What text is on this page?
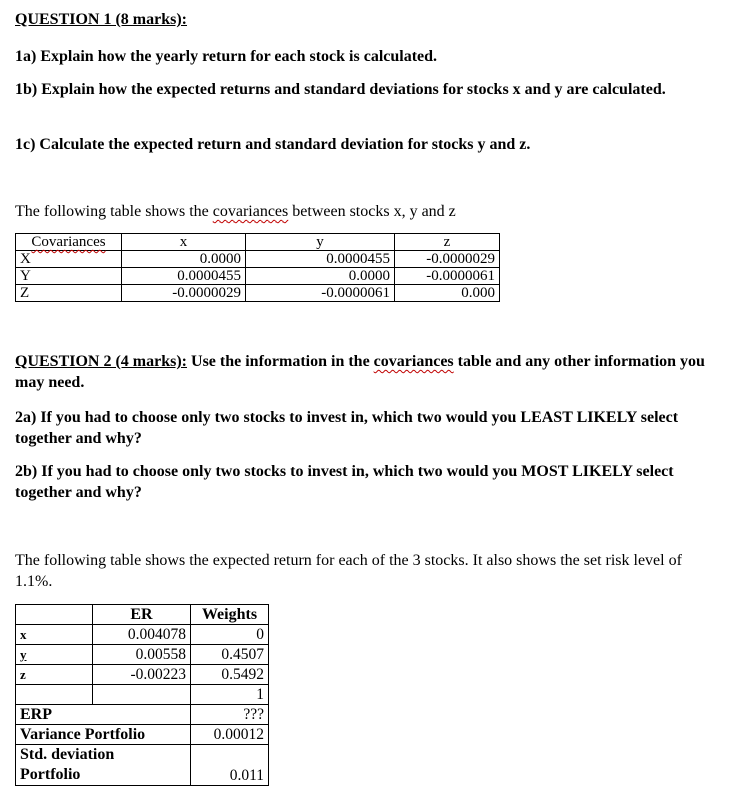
QUESTION 1 (8 marks):
1a) Explain how the yearly return for each stock is calculated.
1b) Explain how the expected returns and standard deviations for stocks x and y are calculated.
1c) Calculate the expected return and standard deviation for stocks y and z.
The following table shows the covariances between stocks x, y and z
Covariances	x	y	z
X	0.0000	0.0000455	-0.0000029
Y	0.0000455	0.0000	-0.0000061
Z	-0.0000029	-0.0000061	0.000
QUESTION 2 (4 marks): Use the information in the covariances table and any other information you may need.
2a) If you had to choose only two stocks to invest in, which two would you LEAST LIKELY select together and why?
2b) If you had to choose only two stocks to invest in, which two would you MOST LIKELY select together and why?
The following table shows the expected return for each of the 3 stocks. It also shows the set risk level of 1.1%.
	ER	Weights
x	0.004078	0
y	0.00558	0.4507
z	-0.00223	0.5492
		1
ERP		???
Variance Portfolio		0.00012

Std. deviation
Portfolio		0.011
